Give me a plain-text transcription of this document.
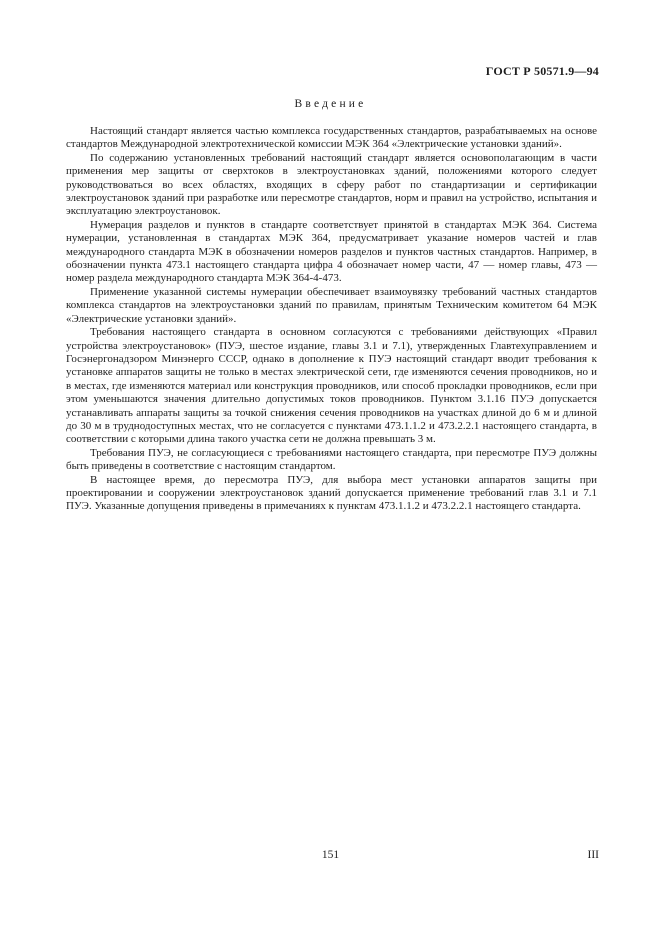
ГОСТ Р 50571.9—94
Введение

Настоящий стандарт является частью комплекса государственных стандартов, разрабатываемых на основе стандартов Международной электротехнической комиссии МЭК 364 «Электрические установки зданий».

По содержанию установленных требований настоящий стандарт является основополагающим в части применения мер защиты от сверхтоков в электроустановках зданий, положениями которого следует руководствоваться во всех областях, входящих в сферу работ по стандартизации и сертификации электроустановок зданий при разработке или пересмотре стандартов, норм и правил на устройство, испытания и эксплуатацию электроустановок.

Нумерация разделов и пунктов в стандарте соответствует принятой в стандартах МЭК 364. Система нумерации, установленная в стандартах МЭК 364, предусматривает указание номеров частей и глав международного стандарта МЭК в обозначении номеров разделов и пунктов частных стандартов. Например, в обозначении пункта 473.1 настоящего стандарта цифра 4 обозначает номер части, 47 — номер главы, 473 — номер раздела международного стандарта МЭК 364-4-473.

Применение указанной системы нумерации обеспечивает взаимоувязку требований частных стандартов комплекса стандартов на электроустановки зданий по правилам, принятым Техническим комитетом 64 МЭК «Электрические установки зданий».

Требования настоящего стандарта в основном согласуются с требованиями действующих «Правил устройства электроустановок» (ПУЭ, шестое издание, главы 3.1 и 7.1), утвержденных Главтехуправлением и Госэнергонадзором Минэнерго СССР, однако в дополнение к ПУЭ настоящий стандарт вводит требования к установке аппаратов защиты не только в местах электрической сети, где изменяются сечения проводников, но и в местах, где изменяются материал или конструкция проводников, или способ прокладки проводников, если при этом уменьшаются значения длительно допустимых токов проводников. Пунктом 3.1.16 ПУЭ допускается устанавливать аппараты защиты за точкой снижения сечения проводников на участках длиной до 6 м и длиной до 30 м в труднодоступных местах, что не согласуется с пунктами 473.1.1.2 и 473.2.2.1 настоящего стандарта, в соответствии с которыми длина такого участка сети не должна превышать 3 м.

Требования ПУЭ, не согласующиеся с требованиями настоящего стандарта, при пересмотре ПУЭ должны быть приведены в соответствие с настоящим стандартом.

В настоящее время, до пересмотра ПУЭ, для выбора мест установки аппаратов защиты при проектировании и сооружении электроустановок зданий допускается применение требований глав 3.1 и 7.1 ПУЭ. Указанные допущения приведены в примечаниях к пунктам 473.1.1.2 и 473.2.2.1 настоящего стандарта.

151	III
